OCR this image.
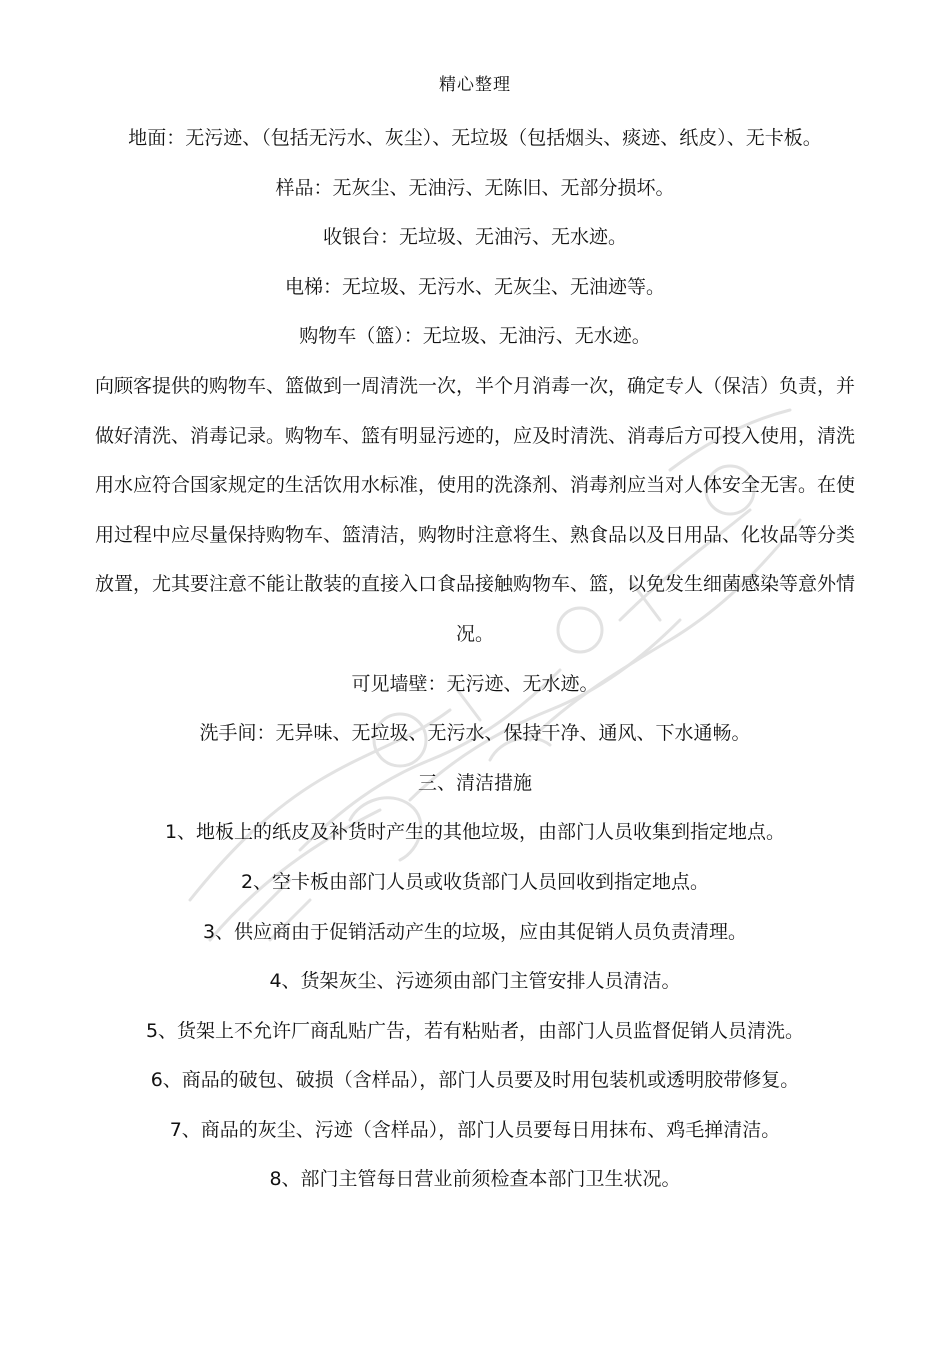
精心整理

地面：无污迹、（包括无污水、灰尘）、无垃圾（包括烟头、痰迹、纸皮）、无卡板。

样品：无灰尘、无油污、无陈旧、无部分损坏。

收银台：无垃圾、无油污、无水迹。

电梯：无垃圾、无污水、无灰尘、无油迹等。

购物车（篮）：无垃圾、无油污、无水迹。

向顾客提供的购物车、篮做到一周清洗一次，半个月消毒一次，确定专人（保洁）负责，并做好清洗、消毒记录。购物车、篮有明显污迹的，应及时清洗、消毒后方可投入使用，清洗用水应符合国家规定的生活饮用水标准，使用的洗涤剂、消毒剂应当对人体安全无害。在使用过程中应尽量保持购物车、篮清洁，购物时注意将生、熟食品以及日用品、化妆品等分类放置，尤其要注意不能让散装的直接入口食品接触购物车、篮，以免发生细菌感染等意外情况。

可见墙壁：无污迹、无水迹。

洗手间：无异味、无垃圾、无污水、保持干净、通风、下水通畅。

三、清洁措施

1、地板上的纸皮及补货时产生的其他垃圾，由部门人员收集到指定地点。

2、空卡板由部门人员或收货部门人员回收到指定地点。

3、供应商由于促销活动产生的垃圾，应由其促销人员负责清理。

4、货架灰尘、污迹须由部门主管安排人员清洁。

5、货架上不允许厂商乱贴广告，若有粘贴者，由部门人员监督促销人员清洗。

6、商品的破包、破损（含样品），部门人员要及时用包装机或透明胶带修复。

7、商品的灰尘、污迹（含样品），部门人员要每日用抹布、鸡毛掸清洁。

8、部门主管每日营业前须检查本部门卫生状况。
